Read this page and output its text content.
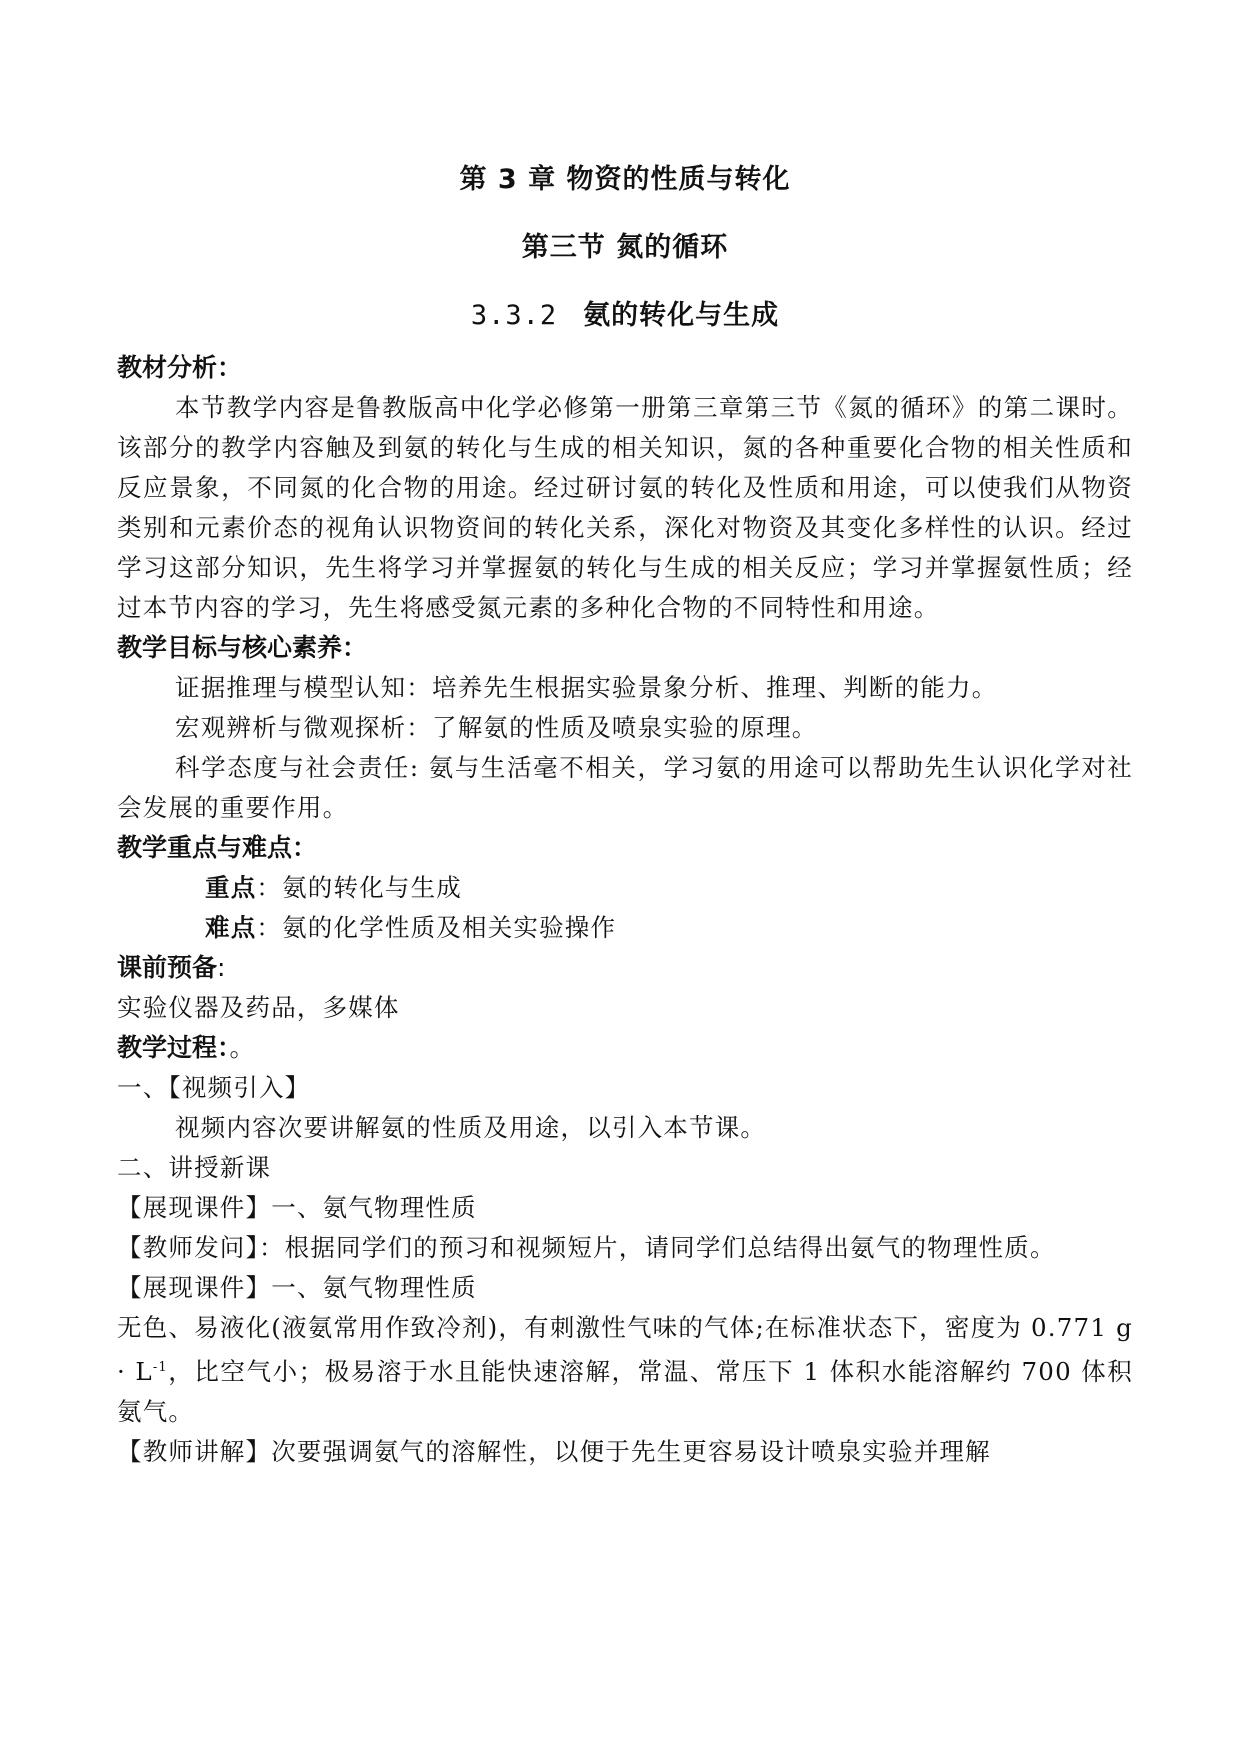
第 3 章 物资的性质与转化
第三节 氮的循环
3.3.2 氨的转化与生成

教材分析：

本节教学内容是鲁教版高中化学必修第一册第三章第三节《氮的循环》的第二课时。该部分的教学内容触及到氨的转化与生成的相关知识，氮的各种重要化合物的相关性质和反应景象，不同氮的化合物的用途。经过研讨氨的转化及性质和用途，可以使我们从物资类别和元素价态的视角认识物资间的转化关系，深化对物资及其变化多样性的认识。经过学习这部分知识，先生将学习并掌握氨的转化与生成的相关反应；学习并掌握氨性质；经过本节内容的学习，先生将感受氮元素的多种化合物的不同特性和用途。

教学目标与核心素养：

证据推理与模型认知：培养先生根据实验景象分析、推理、判断的能力。

宏观辨析与微观探析：了解氨的性质及喷泉实验的原理。

科学态度与社会责任: 氨与生活毫不相关，学习氨的用途可以帮助先生认识化学对社会发展的重要作用。

教学重点与难点：

重点：氨的转化与生成

难点：氨的化学性质及相关实验操作

课前预备:

实验仪器及药品，多媒体

教学过程：。

一、【视频引入】

视频内容次要讲解氨的性质及用途，以引入本节课。

二、讲授新课

【展现课件】一、氨气物理性质

【教师发问】：根据同学们的预习和视频短片，请同学们总结得出氨气的物理性质。

【展现课件】一、氨气物理性质

无色、易液化(液氨常用作致冷剂)，有刺激性气味的气体;在标准状态下，密度为 0.771 $g \cdot L^{-1}$，比空气小；极易溶于水且能快速溶解，常温、常压下 1 体积水能溶解约 700 体积氨气。

【教师讲解】次要强调氨气的溶解性，以便于先生更容易设计喷泉实验并理解
